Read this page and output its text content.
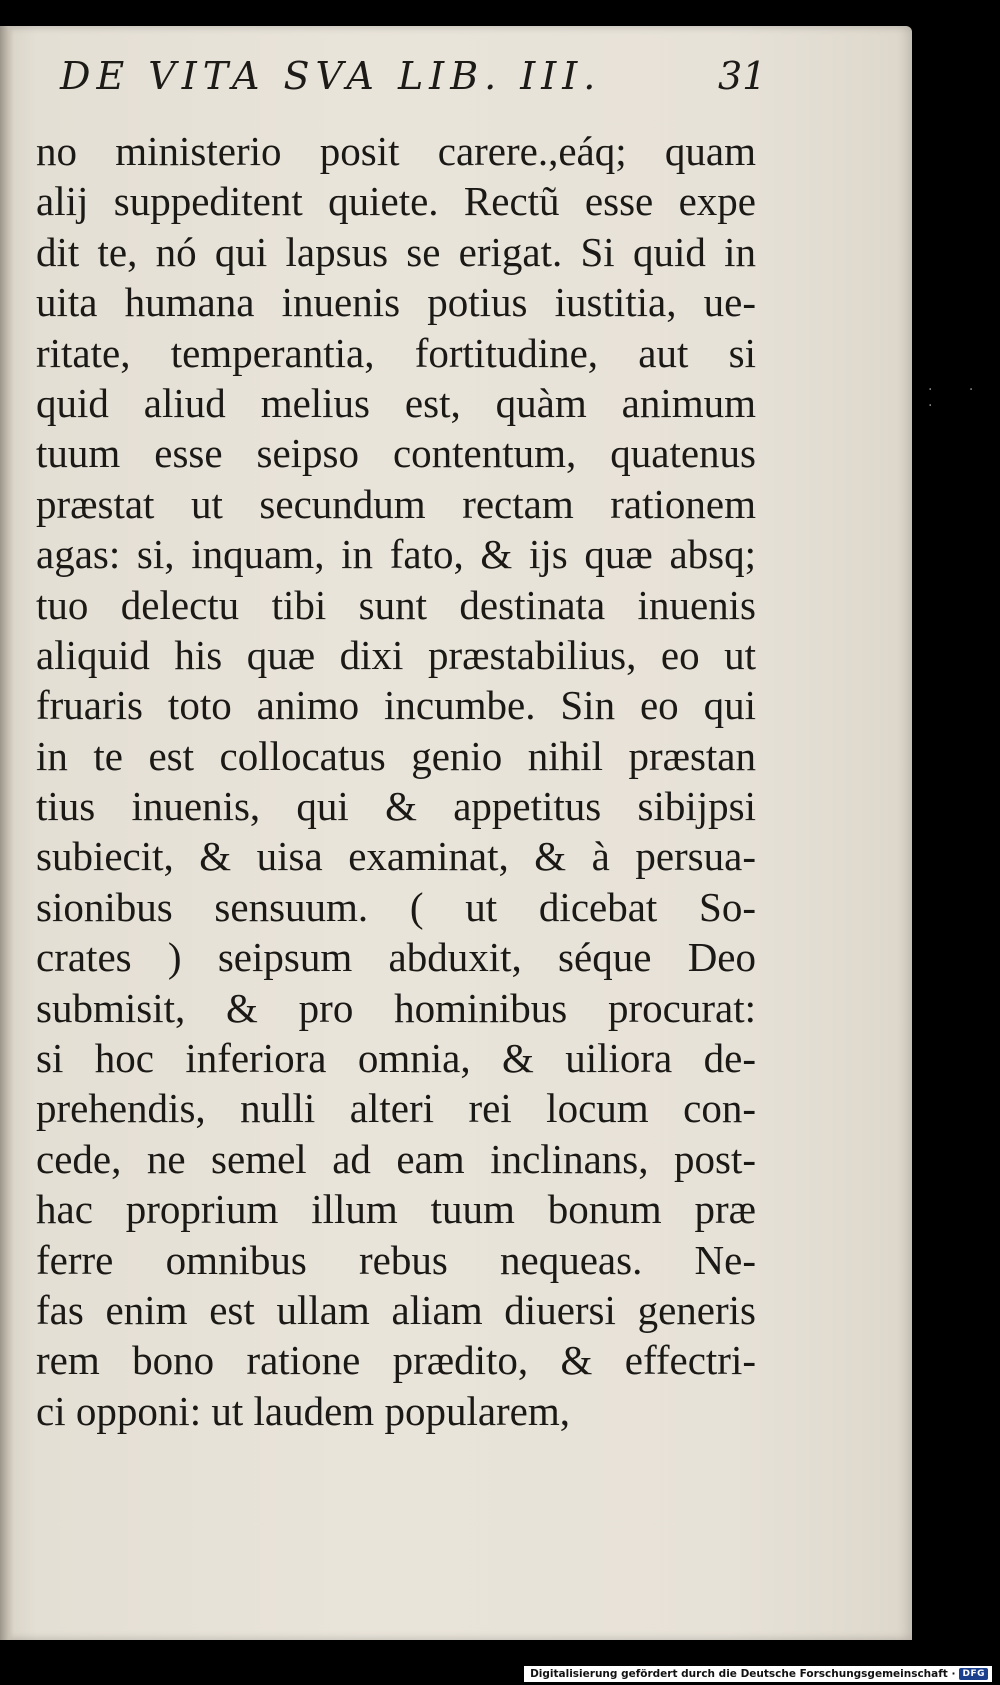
DE VITA SVA LIB. III.	31
no ministerio posit carere.,eáq; quam
alij suppeditent quiete. Rectũ esse expe
dit te, nó qui lapsus se erigat. Si quid in
uita humana inuenis potius iustitia, ue-
ritate, temperantia, fortitudine, aut si
quid aliud melius est, quàm animum
tuum esse seipso contentum, quatenus
præstat ut secundum rectam rationem
agas: si, inquam, in fato, & ijs quæ absq;
tuo delectu tibi sunt destinata inuenis
aliquid his quæ dixi præstabilius, eo ut
fruaris toto animo incumbe. Sin eo qui
in te est collocatus genio nihil præstan
tius inuenis, qui & appetitus sibijpsi
subiecit, & uisa examinat, & à persua-
sionibus sensuum. ( ut dicebat So-
crates ) seipsum abduxit, séque Deo
submisit, & pro hominibus procurat:
si hoc inferiora omnia, & uiliora de-
prehendis, nulli alteri rei locum con-
cede, ne semel ad eam inclinans, post-
hac proprium illum tuum bonum præ
ferre omnibus rebus nequeas. Ne-
fas enim est ullam aliam diuersi generis
rem bono ratione prædito, & effectri-
ci opponi: ut laudem popularem,
. . .
Digitalisierung gefördert durch die Deutsche Forschungsgemeinschaft · DFG
